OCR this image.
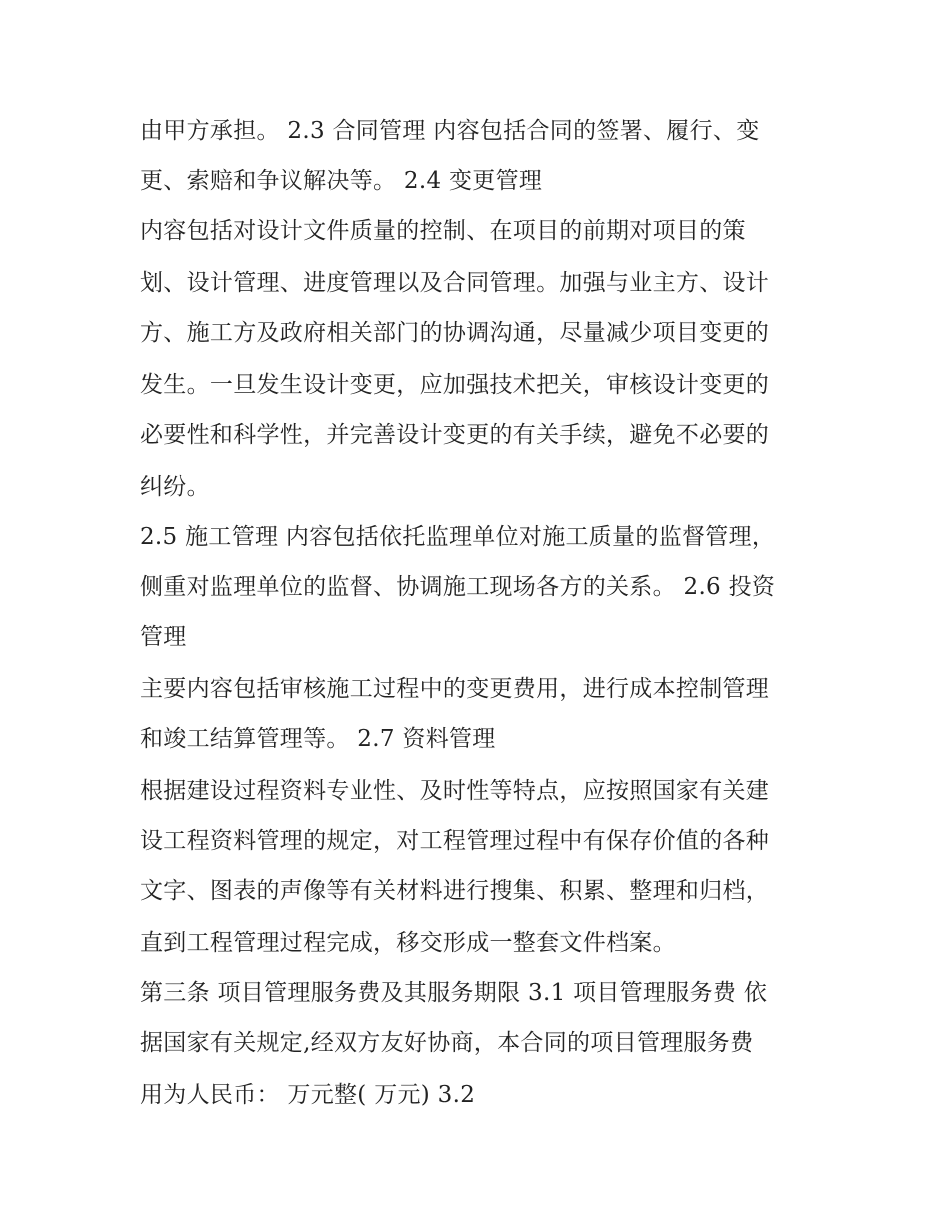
由甲方承担。 2.3 合同管理 内容包括合同的签署、履行、变
更、索赔和争议解决等。 2.4 变更管理
内容包括对设计文件质量的控制、在项目的前期对项目的策
划、设计管理、进度管理以及合同管理。加强与业主方、设计
方、施工方及政府相关部门的协调沟通，尽量减少项目变更的
发生。一旦发生设计变更，应加强技术把关，审核设计变更的
必要性和科学性，并完善设计变更的有关手续，避免不必要的
纠纷。
2.5 施工管理 内容包括依托监理单位对施工质量的监督管理，
侧重对监理单位的监督、协调施工现场各方的关系。 2.6 投资
管理
主要内容包括审核施工过程中的变更费用，进行成本控制管理
和竣工结算管理等。 2.7 资料管理
根据建设过程资料专业性、及时性等特点，应按照国家有关建
设工程资料管理的规定，对工程管理过程中有保存价值的各种
文字、图表的声像等有关材料进行搜集、积累、整理和归档，
直到工程管理过程完成，移交形成一整套文件档案。
第三条 项目管理服务费及其服务期限 3.1 项目管理服务费 依
据国家有关规定,经双方友好协商，本合同的项目管理服务费
用为人民币： 万元整( 万元) 3.2
